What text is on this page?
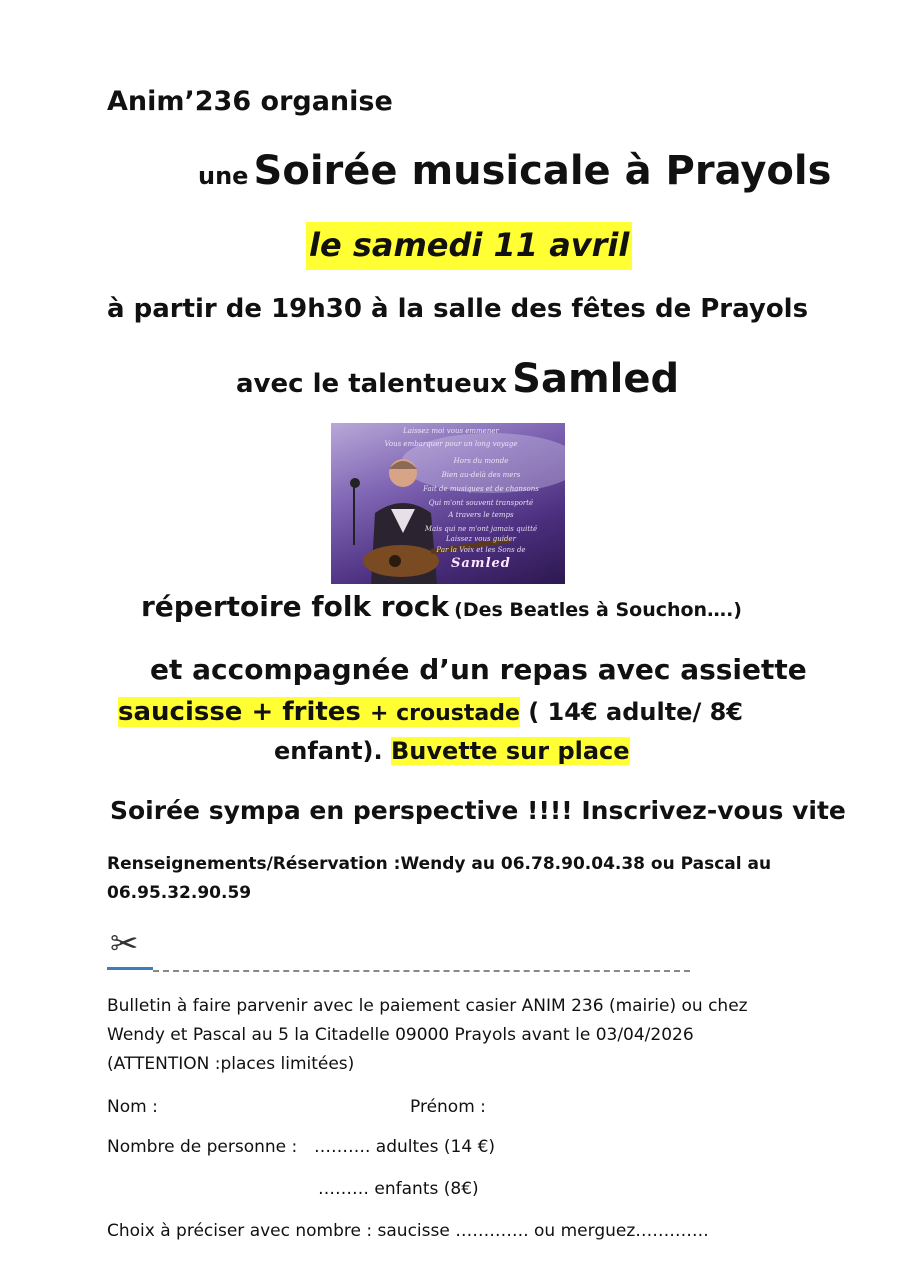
Anim’236 organise
une Soirée musicale à Prayols
le samedi 11 avril
à partir de 19h30 à la salle des fêtes de Prayols
avec le talentueux Samled
Laissez moi vous emmener
Vous embarquer pour un long voyage
Hors du monde
Bien au-delà des mers
Fait de musiques et de chansons
Qui m'ont souvent transporté
A travers le temps
Mais qui ne m'ont jamais quitté
Laissez vous guider
Par la Voix et les Sons de
Samled
répertoire folk rock (Des Beatles à Souchon….)
et accompagnée d’un repas avec assiette
saucisse + frites + croustade ( 14€ adulte/ 8€
enfant). Buvette sur place
Soirée sympa en perspective !!!! Inscrivez-vous vite
Renseignements/Réservation :Wendy au 06.78.90.04.38 ou Pascal au
06.95.32.90.59
✂
Bulletin à faire parvenir avec le paiement casier ANIM 236 (mairie) ou chez
Wendy et Pascal au 5 la Citadelle 09000 Prayols avant le 03/04/2026
(ATTENTION :places limitées)
Nom :	Prénom :
Nombre de personne : ………. adultes (14 €)
……… enfants (8€)
Choix à préciser avec nombre : saucisse …………. ou merguez………….
